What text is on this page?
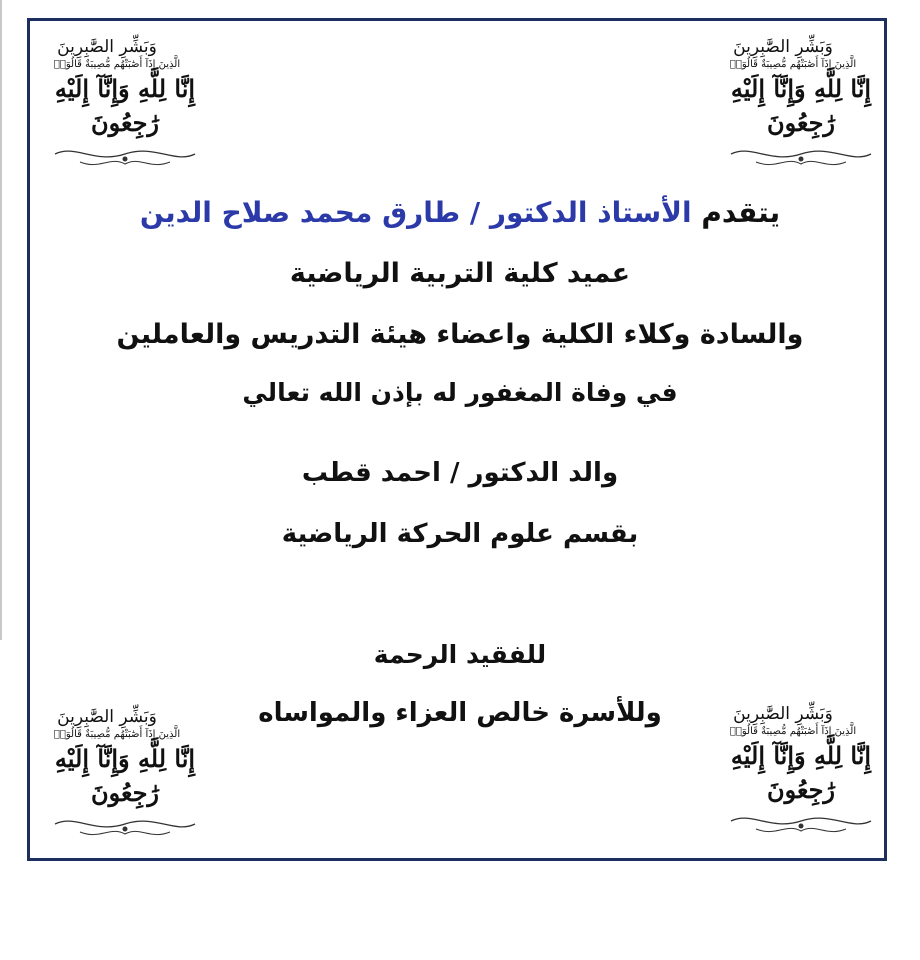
وَبَشِّرِ الصَّٰبِرِينَ
الَّذِينَ إِذَآ أَصَٰبَتْهُم مُّصِيبَةٌ قَالُوٓا۟
إِنَّا لِلَّهِ وَإِنَّآ إِلَيْهِ رَٰجِعُونَ
وَبَشِّرِ الصَّٰبِرِينَ
الَّذِينَ إِذَآ أَصَٰبَتْهُم مُّصِيبَةٌ قَالُوٓا۟
إِنَّا لِلَّهِ وَإِنَّآ إِلَيْهِ رَٰجِعُونَ
وَبَشِّرِ الصَّٰبِرِينَ
الَّذِينَ إِذَآ أَصَٰبَتْهُم مُّصِيبَةٌ قَالُوٓا۟
إِنَّا لِلَّهِ وَإِنَّآ إِلَيْهِ رَٰجِعُونَ
وَبَشِّرِ الصَّٰبِرِينَ
الَّذِينَ إِذَآ أَصَٰبَتْهُم مُّصِيبَةٌ قَالُوٓا۟
إِنَّا لِلَّهِ وَإِنَّآ إِلَيْهِ رَٰجِعُونَ
يتقدم الأستاذ الدكتور / طارق محمد صلاح الدين
عميد كلية التربية الرياضية
والسادة وكلاء الكلية واعضاء هيئة التدريس والعاملين
في وفاة المغفور له بإذن الله تعالي
والد الدكتور / احمد قطب
بقسم علوم الحركة الرياضية
للفقيد الرحمة
وللأسرة خالص العزاء والمواساه
